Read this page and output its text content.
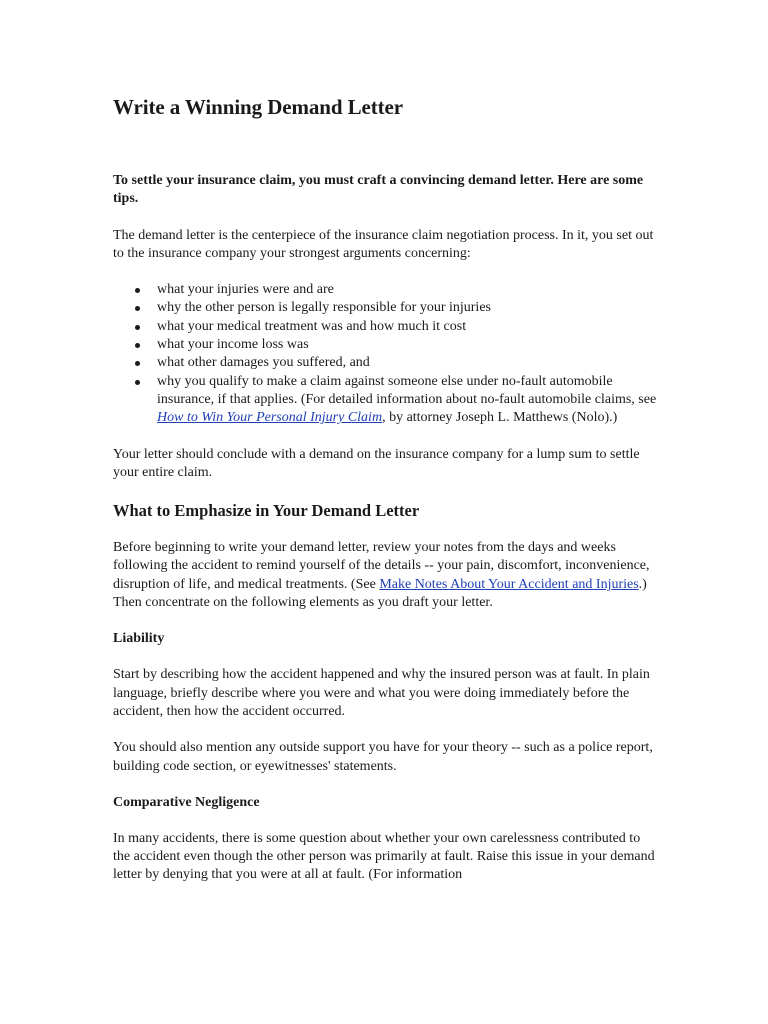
Write a Winning Demand Letter

To settle your insurance claim, you must craft a convincing demand letter. Here are some tips.

The demand letter is the centerpiece of the insurance claim negotiation process. In it, you set out to the insurance company your strongest arguments concerning:

what your injuries were and are
why the other person is legally responsible for your injuries
what your medical treatment was and how much it cost
what your income loss was
what other damages you suffered, and
why you qualify to make a claim against someone else under no-fault automobile insurance, if that applies. (For detailed information about no-fault automobile claims, see How to Win Your Personal Injury Claim, by attorney Joseph L. Matthews (Nolo).)

Your letter should conclude with a demand on the insurance company for a lump sum to settle your entire claim.

What to Emphasize in Your Demand Letter

Before beginning to write your demand letter, review your notes from the days and weeks following the accident to remind yourself of the details -- your pain, discomfort, inconvenience, disruption of life, and medical treatments. (See Make Notes About Your Accident and Injuries.) Then concentrate on the following elements as you draft your letter.

Liability

Start by describing how the accident happened and why the insured person was at fault. In plain language, briefly describe where you were and what you were doing immediately before the accident, then how the accident occurred.

You should also mention any outside support you have for your theory -- such as a police report, building code section, or eyewitnesses' statements.

Comparative Negligence

In many accidents, there is some question about whether your own carelessness contributed to the accident even though the other person was primarily at fault. Raise this issue in your demand letter by denying that you were at all at fault. (For information
